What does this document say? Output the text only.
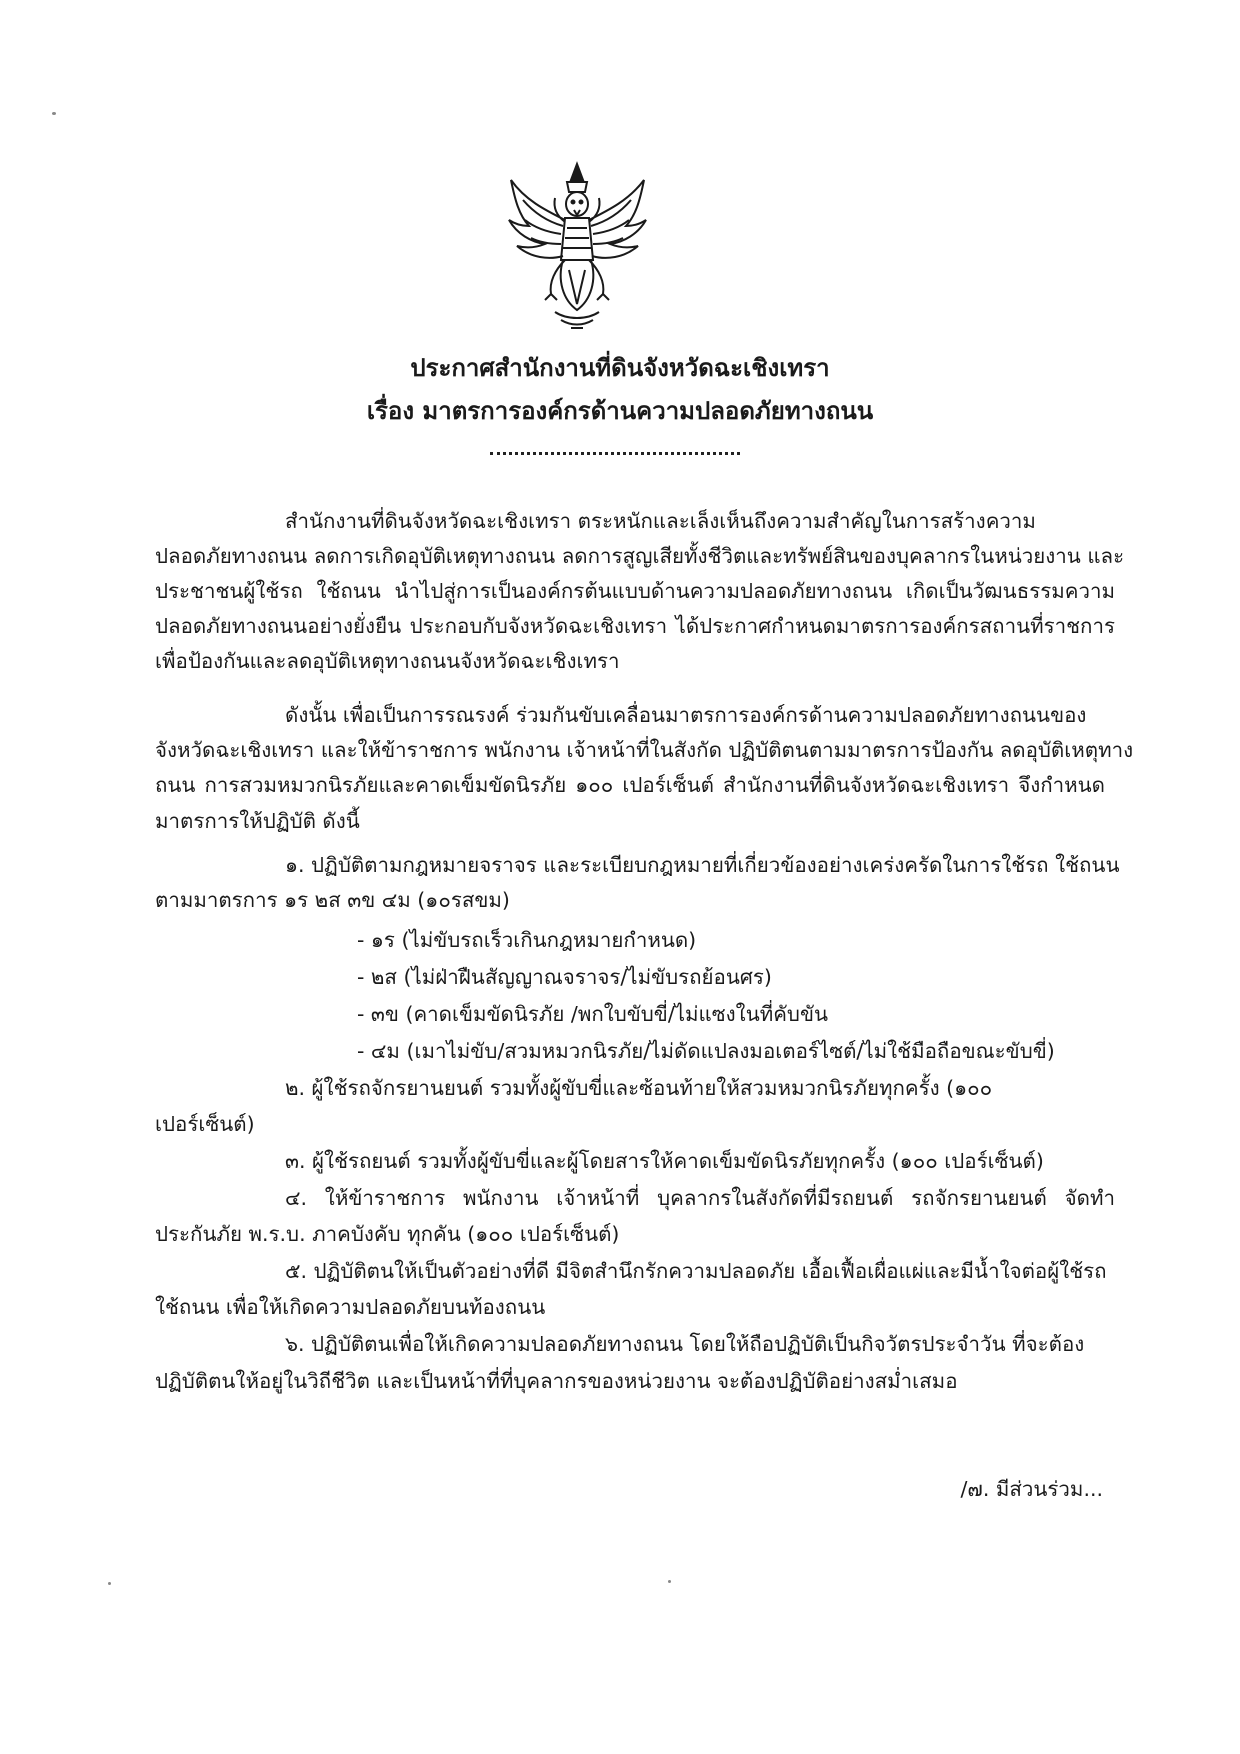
ประกาศสำนักงานที่ดินจังหวัดฉะเชิงเทรา
เรื่อง มาตรการองค์กรด้านความปลอดภัยทางถนน
สำนักงานที่ดินจังหวัดฉะเชิงเทรา ตระหนักและเล็งเห็นถึงความสำคัญในการสร้างความ
ปลอดภัยทางถนน ลดการเกิดอุบัติเหตุทางถนน ลดการสูญเสียทั้งชีวิตและทรัพย์สินของบุคลากรในหน่วยงาน และ
ประชาชนผู้ใช้รถ ใช้ถนน นำไปสู่การเป็นองค์กรต้นแบบด้านความปลอดภัยทางถนน เกิดเป็นวัฒนธรรมความ
ปลอดภัยทางถนนอย่างยั่งยืน ประกอบกับจังหวัดฉะเชิงเทรา ได้ประกาศกำหนดมาตรการองค์กรสถานที่ราชการ
เพื่อป้องกันและลดอุบัติเหตุทางถนนจังหวัดฉะเชิงเทรา
ดังนั้น เพื่อเป็นการรณรงค์ ร่วมกันขับเคลื่อนมาตรการองค์กรด้านความปลอดภัยทางถนนของ
จังหวัดฉะเชิงเทรา และให้ข้าราชการ พนักงาน เจ้าหน้าที่ในสังกัด ปฏิบัติตนตามมาตรการป้องกัน ลดอุบัติเหตุทาง
ถนน การสวมหมวกนิรภัยและคาดเข็มขัดนิรภัย ๑๐๐ เปอร์เซ็นต์ สำนักงานที่ดินจังหวัดฉะเชิงเทรา จึงกำหนด
มาตรการให้ปฏิบัติ ดังนี้
๑. ปฏิบัติตามกฎหมายจราจร และระเบียบกฎหมายที่เกี่ยวข้องอย่างเคร่งครัดในการใช้รถ ใช้ถนน
ตามมาตรการ ๑ร ๒ส ๓ข ๔ม (๑๐รสขม)
- ๑ร (ไม่ขับรถเร็วเกินกฎหมายกำหนด)
- ๒ส (ไม่ฝ่าฝืนสัญญาณจราจร/ไม่ขับรถย้อนศร)
- ๓ข (คาดเข็มขัดนิรภัย /พกใบขับขี่/ไม่แซงในที่คับขัน
- ๔ม (เมาไม่ขับ/สวมหมวกนิรภัย/ไม่ดัดแปลงมอเตอร์ไซต์/ไม่ใช้มือถือขณะขับขี่)
๒. ผู้ใช้รถจักรยานยนต์ รวมทั้งผู้ขับขี่และซ้อนท้ายให้สวมหมวกนิรภัยทุกครั้ง (๑๐๐
เปอร์เซ็นต์)
๓. ผู้ใช้รถยนต์ รวมทั้งผู้ขับขี่และผู้โดยสารให้คาดเข็มขัดนิรภัยทุกครั้ง (๑๐๐ เปอร์เซ็นต์)
๔. ให้ข้าราชการ พนักงาน เจ้าหน้าที่ บุคลากรในสังกัดที่มีรถยนต์ รถจักรยานยนต์ จัดทำ
ประกันภัย พ.ร.บ. ภาคบังคับ ทุกคัน (๑๐๐ เปอร์เซ็นต์)
๕. ปฏิบัติตนให้เป็นตัวอย่างที่ดี มีจิตสำนึกรักความปลอดภัย เอื้อเฟื้อเผื่อแผ่และมีน้ำใจต่อผู้ใช้รถ
ใช้ถนน เพื่อให้เกิดความปลอดภัยบนท้องถนน
๖. ปฏิบัติตนเพื่อให้เกิดความปลอดภัยทางถนน โดยให้ถือปฏิบัติเป็นกิจวัตรประจำวัน ที่จะต้อง
ปฏิบัติตนให้อยู่ในวิถีชีวิต และเป็นหน้าที่ที่บุคลากรของหน่วยงาน จะต้องปฏิบัติอย่างสม่ำเสมอ
/๗. มีส่วนร่วม...
